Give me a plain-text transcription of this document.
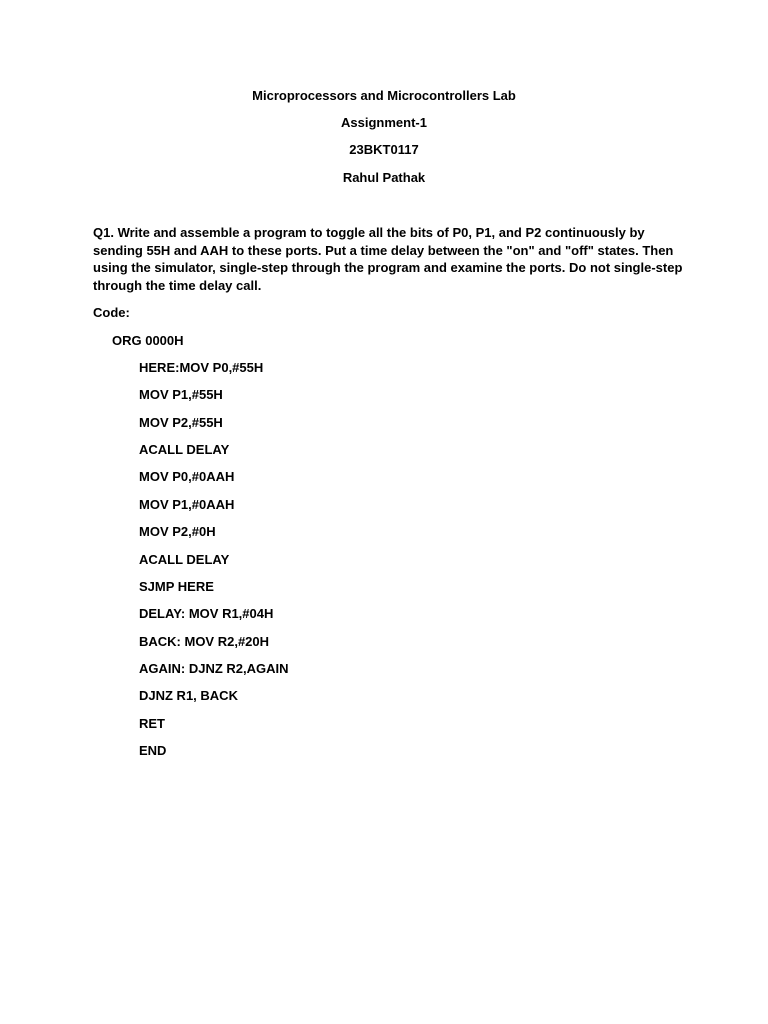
Microprocessors and Microcontrollers Lab
Assignment-1
23BKT0117
Rahul Pathak
Q1. Write and assemble a program to toggle all the bits of P0, P1, and P2 continuously by sending 55H and AAH to these ports. Put a time delay between the "on" and "off" states. Then using the simulator, single-step through the program and examine the ports. Do not single-step through the time delay call.
Code:
ORG 0000H
HERE:MOV P0,#55H
MOV P1,#55H
MOV P2,#55H
ACALL DELAY
MOV P0,#0AAH
MOV P1,#0AAH
MOV P2,#0H
ACALL DELAY
SJMP HERE
DELAY: MOV R1,#04H
BACK: MOV R2,#20H
AGAIN: DJNZ R2,AGAIN
DJNZ R1, BACK
RET
END
